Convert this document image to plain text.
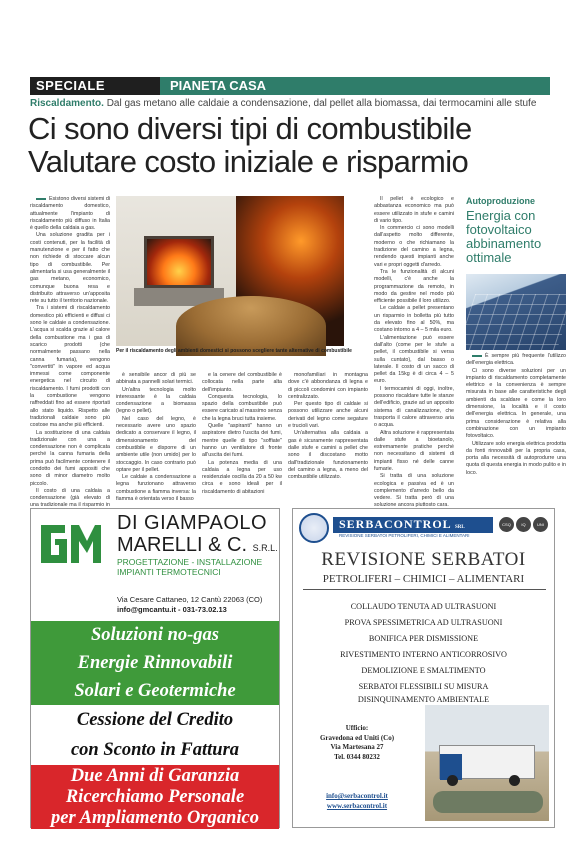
SPECIALE	PIANETA CASA
Riscaldamento. Dal gas metano alle caldaie a condensazione, dal pellet alla biomassa, dai termocamini alle stufe
Ci sono diversi tipi di combustibile
Valutare costo iniziale e risparmio

Esistono diversi sistemi di riscaldamento domestico, attualmente l'impianto di riscaldamento più diffuso in Italia è quello della caldaia a gas.

Una soluzione gradita per i costi contenuti, per la facilità di manutenzione e per il fatto che non richiede di stoccare alcun tipo di combustibile. Per alimentarla si usa generalmente il gas metano, economico, comunque buona resa e distribuito attraverso un'apposita rete su tutto il territorio nazionale.

Tra i sistemi di riscaldamento domestico più efficienti e diffusi ci sono le caldaie a condensazione. L'acqua si scalda grazie al calore della combustione ma i gas di scarico prodotti (che normalmente passano nella canna fumaria), vengono "convertiti" in vapore ed acqua immessi come componente energetica nel circuito di riscaldamento. I fumi prodotti con la combustione vengono raffreddati fino ad essere riportati allo stato liquido. Rispetto alle tradizionali caldaie sono più costose ma anche più efficienti.

La sostituzione di una caldaia tradizionale con una a condensazione non è complicata perché la canna fumaria della prima può facilmente contenere il condotto dei fumi appositi che sono di minor diametro molto piccolo.

Il costo di una caldaia a condensazione (già elevato di una tradizionale ma il risparmio in

è sensibile ancor di più se abbinata a pannelli solari termici.

Un'altra tecnologia molto interessante è la caldaia condensazione a biomassa (legno o pellet).

Nel caso del legno, è necessario avere uno spazio dedicato a conservare il legno, il dimensionamento del combustibile e disporre di un ambiente utile (non umido) per lo stoccaggio. In caso contrario può optare per il pellet.

Le caldaie a condensazione a legna funzionano attraverso combustione a fiamma inversa: la fiamma è orientata verso il basso

e la cenere del combustibile è collocata nella parte alta dell'impianto.

Conquesta tecnologia, lo spazio della combustibile può essere caricato al massimo senza che la legna bruci tutta insieme.

Quelle "aspiranti" hanno un aspiratore dietro l'uscita dei fumi, mentre quelle di tipo "soffiate" hanno un ventilatore di fronte all'uscita dei fumi.

La potenza media di una caldaia a legna per uso residenziale oscilla da 20 a 50 kw circa e sono ideali per il riscaldamento di abitazioni

monofamiliari in montagna dove c'è abbondanza di legna e di piccoli condomini con impianto centralizzato.

Per questo tipo di caldaie si possono utilizzare anche alcuni derivati del legno come segature e trucioli vari.

Un'alternativa alla caldaia a gas è sicuramente rappresentata dalle stufe e camini a pellet che sono il discostano motto dall'tradizionale funzionamento del camino a legna, a meno del combustibile utilizzato.

Il pellet è ecologico e abbastanza economico ma può essere utilizzato in stufe e camini di vario tipo.

In commercio ci sono modelli dall'aspetto molto differente, moderno o che richiamano la tradizione del camino a legna, rendendo questi impianti anche vari e propri oggetti d'arredo.

Tra le funzionalità di alcuni modelli, c'è anche la programmazione da remoto, in modo da gestire nel modo più efficiente possibile il loro utilizzo.

Le caldaie a pellet presentano un risparmio in bolletta più tutto da elevato fino al 50%, ma costano intorno a 4 – 5 mila euro.

L'alimentazione può essere dall'alto (come per le stufe a pellet, il combustibile si versa sulla cuntato), dal basso o laterale. Il costo di un sacco di pellet da 15kg è di circa 4 – 5 euro.

I termocamini di oggi, inoltre, possono riscaldare tutte le stanze dell'edificio, grazie ad un apposito sistema di canalizzazione, che trasporta il calore attraverso aria o acqua.

Altra soluzione è rappresentata dalle stufe a bioetanolo, estremamente pratiche perché non necessitano di sistemi di impianti fisso né delle canne fumarie.

Si tratta di una soluzione ecologica e passiva ed è un complemento d'arredo bello da vedere. Si tratta però di una soluzione ancora piuttosto cara.

Per il riscaldamento degli ambienti domestici si possono scegliere tante alternative di combustibile
Autoproduzione
Energia con fotovoltaico abbinamento ottimale

È sempre più frequente l'utilizzo dell'energia elettrica.

Ci sono diverse soluzioni per un impianto di riscaldamento completamente elettrico e la convenienza è sempre misurata in base alle caratteristiche degli ambienti da scaldare e come la loro dimensione, la località e il costo dell'energia elettrica. In generale, una prima considerazione è relativa alla combinazione con un impianto fotovoltaico.

Utilizzare solo energia elettrica prodotta da fonti rinnovabili per la propria casa, porta alla necessità di autoprodurre una quota di questa energia in modo pulito e in loco.

DI GIAMPAOLO
MARELLI & C. S.R.L.
PROGETTAZIONE - INSTALLAZIONE
IMPIANTI TERMOTECNICI
Via Cesare Cattaneo, 12 Cantù 22063 (CO)
info@gmcantu.it - 031-73.02.13
Soluzioni no-gas
Energie Rinnovabili
Solari e Geotermiche
Cessione del Credito
con Sconto in Fattura
Due Anni di Garanzia
Ricerchiamo Personale
per Ampliamento Organico
SERBACONTROL SRL
REVISIONE SERBATOI PETROLIFERI, CHIMICI E ALIMENTARI
CSQ	IQ	UNI
REVISIONE SERBATOI
PETROLIFERI – CHIMICI – ALIMENTARI
COLLAUDO TENUTA AD ULTRASUONI
PROVA SPESSIMETRICA AD ULTRASUONI
BONIFICA PER DISMISSIONE
RIVESTIMENTO INTERNO ANTICORROSIVO
DEMOLIZIONE E SMALTIMENTO
SERBATOI FLESSIBILI SU MISURA
DISINQUINAMENTO AMBIENTALE
Ufficio:
Gravedona ed Uniti (Co)
Via Martesana 27
Tel. 0344 80232
info@serbacontrol.it
www.serbacontrol.it
